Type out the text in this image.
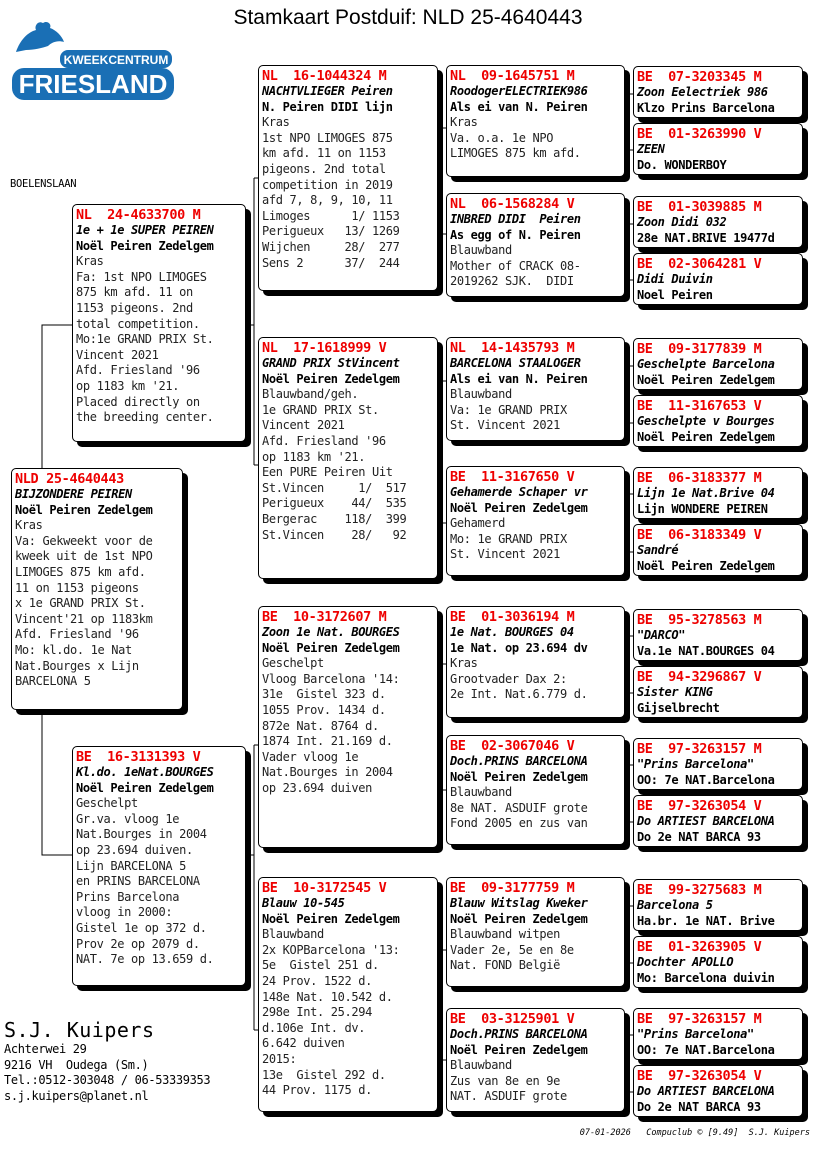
Stamkaart Postduif: NLD 25-4640443
KWEEKCENTRUM
FRIESLAND
BOELENSLAAN
NLD 25-4640443
BIJZONDERE PEIREN
Noël Peiren Zedelgem
Kras
Va: Gekweekt voor de
kweek uit de 1st NPO
LIMOGES 875 km afd.
11 on 1153 pigeons
x 1e GRAND PRIX St.
Vincent'21 op 1183km
Afd. Friesland '96
Mo: kl.do. 1e Nat
Nat.Bourges x Lijn
BARCELONA 5
NL  24-4633700 M
1e + 1e SUPER PEIREN
Noël Peiren Zedelgem
Kras
Fa: 1st NPO LIMOGES
875 km afd. 11 on
1153 pigeons. 2nd
total competition.
Mo:1e GRAND PRIX St.
Vincent 2021
Afd. Friesland '96
op 1183 km '21.
Placed directly on
the breeding center.
BE  16-3131393 V
Kl.do. 1eNat.BOURGES
Noël Peiren Zedelgem
Geschelpt
Gr.va. vloog 1e
Nat.Bourges in 2004
op 23.694 duiven.
Lijn BARCELONA 5
en PRINS BARCELONA
Prins Barcelona
vloog in 2000:
Gistel 1e op 372 d.
Prov 2e op 2079 d.
NAT. 7e op 13.659 d.
NL  16-1044324 M
NACHTVLIEGER Peiren
N. Peiren DIDI lijn
Kras
1st NPO LIMOGES 875
km afd. 11 on 1153
pigeons. 2nd total
competition in 2019
afd 7, 8, 9, 10, 11
Limoges      1/ 1153
Perigueux   13/ 1269
Wijchen     28/  277
Sens 2      37/  244
NL  17-1618999 V
GRAND PRIX StVincent
Noël Peiren Zedelgem
Blauwband/geh.
1e GRAND PRIX St.
Vincent 2021
Afd. Friesland '96
op 1183 km '21.
Een PURE Peiren Uit
St.Vincen     1/  517
Perigueux    44/  535
Bergerac    118/  399
St.Vincen    28/   92
BE  10-3172607 M
Zoon 1e Nat. BOURGES
Noël Peiren Zedelgem
Geschelpt
Vloog Barcelona '14:
31e  Gistel 323 d.
1055 Prov. 1434 d.
872e Nat. 8764 d.
1874 Int. 21.169 d.
Vader vloog 1e
Nat.Bourges in 2004
op 23.694 duiven
BE  10-3172545 V
Blauw 10-545
Noël Peiren Zedelgem
Blauwband
2x KOPBarcelona '13:
5e  Gistel 251 d.
24 Prov. 1522 d.
148e Nat. 10.542 d.
298e Int. 25.294
d.106e Int. dv.
6.642 duiven
2015:
13e  Gistel 292 d.
44 Prov. 1175 d.
NL  09-1645751 M
RoodogerELECTRIEK986
Als ei van N. Peiren
Kras
Va. o.a. 1e NPO
LIMOGES 875 km afd.
NL  06-1568284 V
INBRED DIDI  Peiren
As egg of N. Peiren
Blauwband
Mother of CRACK 08-
2019262 SJK.  DIDI
NL  14-1435793 M
BARCELONA STAALOGER
Als ei van N. Peiren
Blauwband
Va: 1e GRAND PRIX
St. Vincent 2021
BE  11-3167650 V
Gehamerde Schaper vr
Noël Peiren Zedelgem
Gehamerd
Mo: 1e GRAND PRIX
St. Vincent 2021
BE  01-3036194 M
1e Nat. BOURGES 04
1e Nat. op 23.694 dv
Kras
Grootvader Dax 2:
2e Int. Nat.6.779 d.
BE  02-3067046 V
Doch.PRINS BARCELONA
Noël Peiren Zedelgem
Blauwband
8e NAT. ASDUIF grote
Fond 2005 en zus van
BE  09-3177759 M
Blauw Witslag Kweker
Noël Peiren Zedelgem
Blauwband witpen
Vader 2e, 5e en 8e
Nat. FOND België
BE  03-3125901 V
Doch.PRINS BARCELONA
Noël Peiren Zedelgem
Blauwband
Zus van 8e en 9e
NAT. ASDUIF grote
BE  07-3203345 M
Zoon Eelectriek 986
Klzo Prins Barcelona
BE  01-3263990 V
ZEEN
Do. WONDERBOY
BE  01-3039885 M
Zoon Didi 032
28e NAT.BRIVE 19477d
BE  02-3064281 V
Didi Duivin
Noel Peiren
BE  09-3177839 M
Geschelpte Barcelona
Noël Peiren Zedelgem
BE  11-3167653 V
Geschelpte v Bourges
Noël Peiren Zedelgem
BE  06-3183377 M
Lijn 1e Nat.Brive 04
Lijn WONDERE PEIREN
BE  06-3183349 V
Sandré
Noël Peiren Zedelgem
BE  95-3278563 M
"DARCO"
Va.1e NAT.BOURGES 04
BE  94-3296867 V
Sister KING
Gijselbrecht
BE  97-3263157 M
"Prins Barcelona"
OO: 7e NAT.Barcelona
BE  97-3263054 V
Do ARTIEST BARCELONA
Do 2e NAT BARCA 93
BE  99-3275683 M
Barcelona 5
Ha.br. 1e NAT. Brive
BE  01-3263905 V
Dochter APOLLO
Mo: Barcelona duivin
BE  97-3263157 M
"Prins Barcelona"
OO: 7e NAT.Barcelona
BE  97-3263054 V
Do ARTIEST BARCELONA
Do 2e NAT BARCA 93
S.J. Kuipers
Achterwei 29
9216 VH  Oudega (Sm.)
Tel.:0512-303048 / 06-53339353
s.j.kuipers@planet.nl
07-01-2026   Compuclub © [9.49]  S.J. Kuipers
